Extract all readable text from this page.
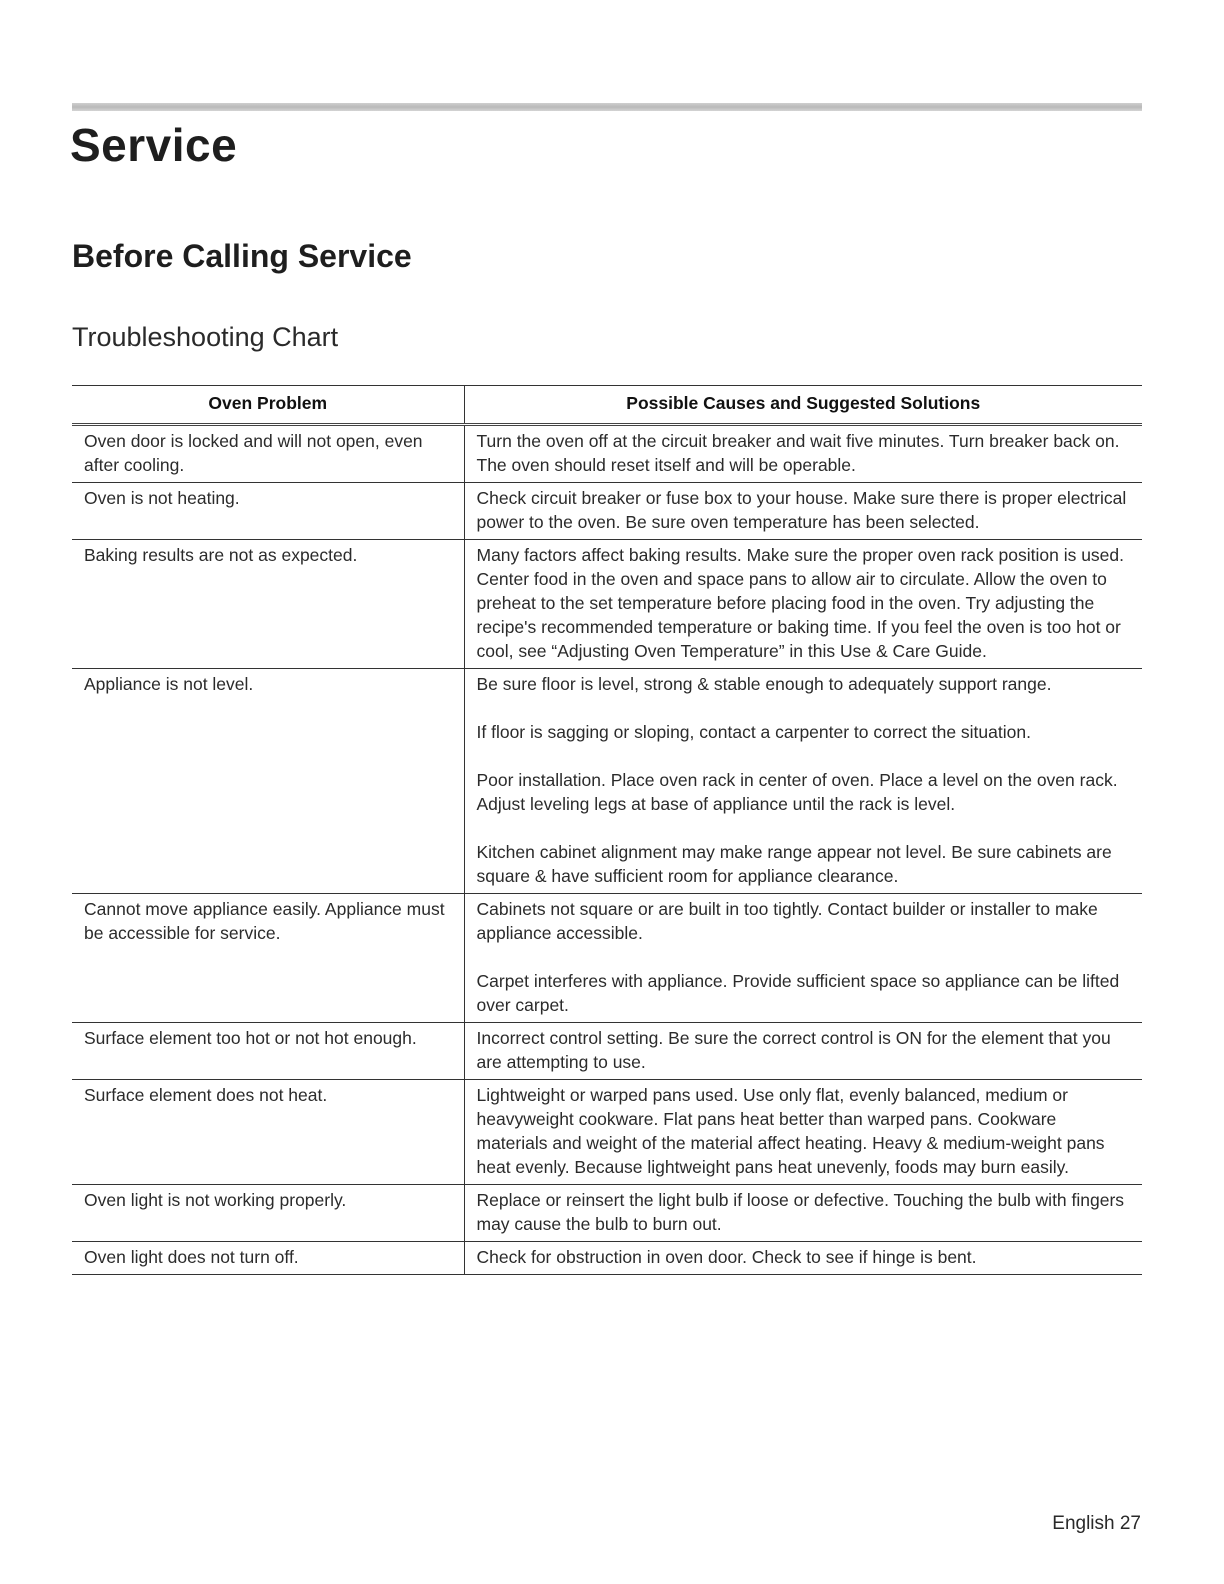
Service
Before Calling Service
Troubleshooting Chart
Oven Problem	Possible Causes and Suggested Solutions
Oven door is locked and will not open, even after cooling.	Turn the oven off at the circuit breaker and wait five minutes. Turn breaker back on. The oven should reset itself and will be operable.

Oven is not heating.	Check circuit breaker or fuse box to your house. Make sure there is proper electrical power to the oven. Be sure oven temperature has been selected.

Baking results are not as expected.	Many factors affect baking results. Make sure the proper oven rack position is used. Center food in the oven and space pans to allow air to circulate. Allow the oven to preheat to the set temperature before placing food in the oven. Try adjusting the recipe's recommended temperature or baking time. If you feel the oven is too hot or cool, see “Adjusting Oven Temperature” in this Use & Care Guide.

Appliance is not level.	Be sure floor is level, strong & stable enough to adequately support range.

If floor is sagging or sloping, contact a carpenter to correct the situation.

Poor installation. Place oven rack in center of oven. Place a level on the oven rack. Adjust leveling legs at base of appliance until the rack is level.

Kitchen cabinet alignment may make range appear not level. Be sure cabinets are square & have sufficient room for appliance clearance.

Cannot move appliance easily. Appliance must be accessible for service.	Cabinets not square or are built in too tightly. Contact builder or installer to make appliance accessible.

Carpet interferes with appliance. Provide sufficient space so appliance can be lifted over carpet.

Surface element too hot or not hot enough.	Incorrect control setting. Be sure the correct control is ON for the element that you are attempting to use.

Surface element does not heat.	Lightweight or warped pans used. Use only flat, evenly balanced, medium or heavyweight cookware. Flat pans heat better than warped pans. Cookware materials and weight of the material affect heating. Heavy & medium-weight pans heat evenly. Because lightweight pans heat unevenly, foods may burn easily.

Oven light is not working properly.	Replace or reinsert the light bulb if loose or defective. Touching the bulb with fingers may cause the bulb to burn out.

Oven light does not turn off.	Check for obstruction in oven door. Check to see if hinge is bent.

English 27
